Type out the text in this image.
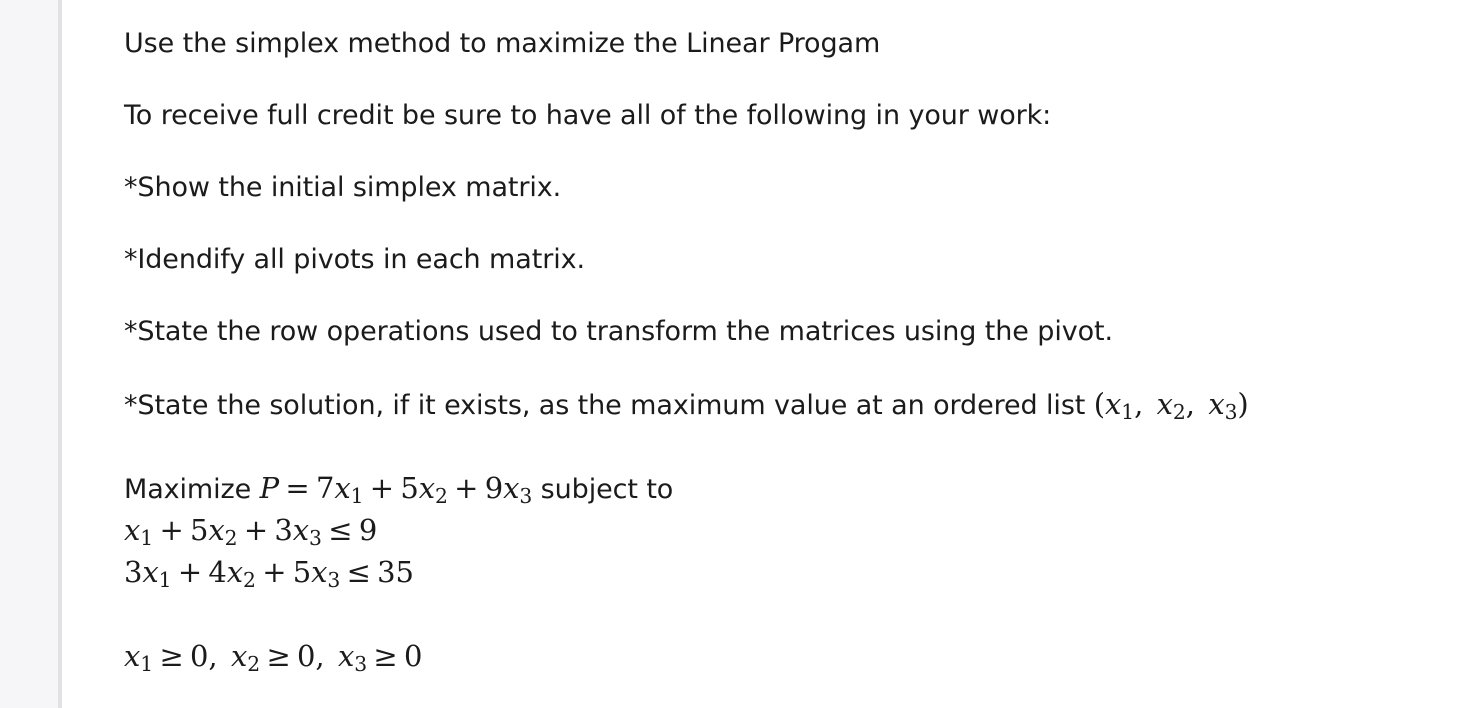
Use the simplex method to maximize the Linear Progam

To receive full credit be sure to have all of the following in your work:

*Show the initial simplex matrix.

*Idendify all pivots in each matrix.

*State the row operations used to transform the matrices using the pivot.

*State the solution, if it exists, as the maximum value at an ordered list ($x_1$, $x_2$, $x_3$)

Maximize $P = 7x_1 + 5x_2 + 9x_3$ subject to

$x_1 + 5x_2 + 3x_3 \le 9$

$3x_1 + 4x_2 + 5x_3 \le 35$

$x_1 \ge 0$, $x_2 \ge 0$, $x_3 \ge 0$
